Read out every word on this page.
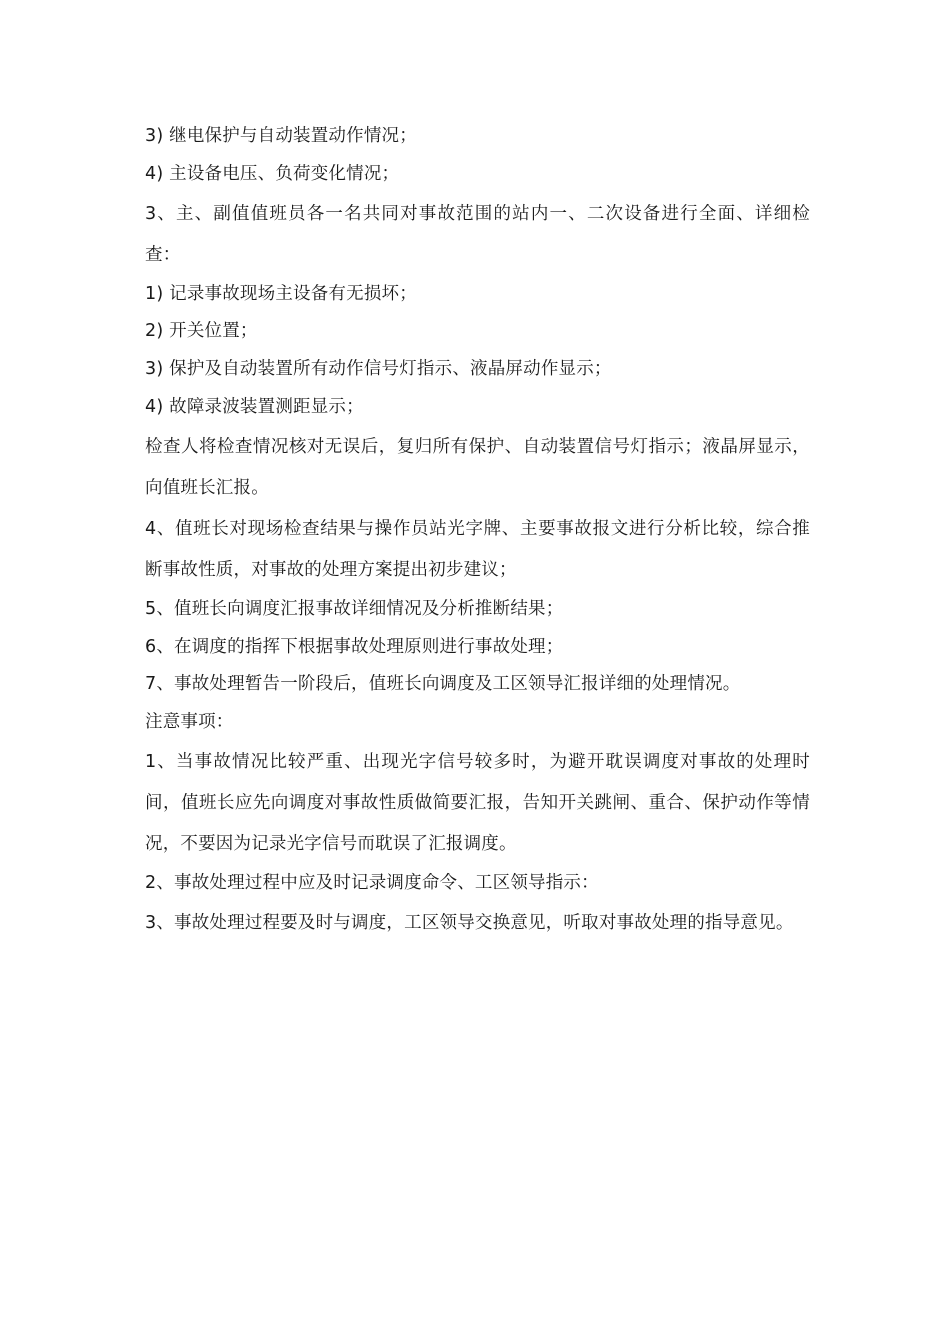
3) 继电保护与自动装置动作情况；

4) 主设备电压、负荷变化情况；

3、主、副值值班员各一名共同对事故范围的站内一、二次设备进行全面、详细检查：

1) 记录事故现场主设备有无损坏；

2) 开关位置；

3) 保护及自动装置所有动作信号灯指示、液晶屏动作显示；

4) 故障录波装置测距显示；

检查人将检查情况核对无误后，复归所有保护、自动装置信号灯指示；液晶屏显示，向值班长汇报。

4、值班长对现场检查结果与操作员站光字牌、主要事故报文进行分析比较，综合推断事故性质，对事故的处理方案提出初步建议；

5、值班长向调度汇报事故详细情况及分析推断结果；

6、在调度的指挥下根据事故处理原则进行事故处理；

7、事故处理暂告一阶段后，值班长向调度及工区领导汇报详细的处理情况。

注意事项：

1、当事故情况比较严重、出现光字信号较多时，为避开耽误调度对事故的处理时间，值班长应先向调度对事故性质做简要汇报，告知开关跳闸、重合、保护动作等情况，不要因为记录光字信号而耽误了汇报调度。

2、事故处理过程中应及时记录调度命令、工区领导指示：

3、事故处理过程要及时与调度，工区领导交换意见，听取对事故处理的指导意见。
